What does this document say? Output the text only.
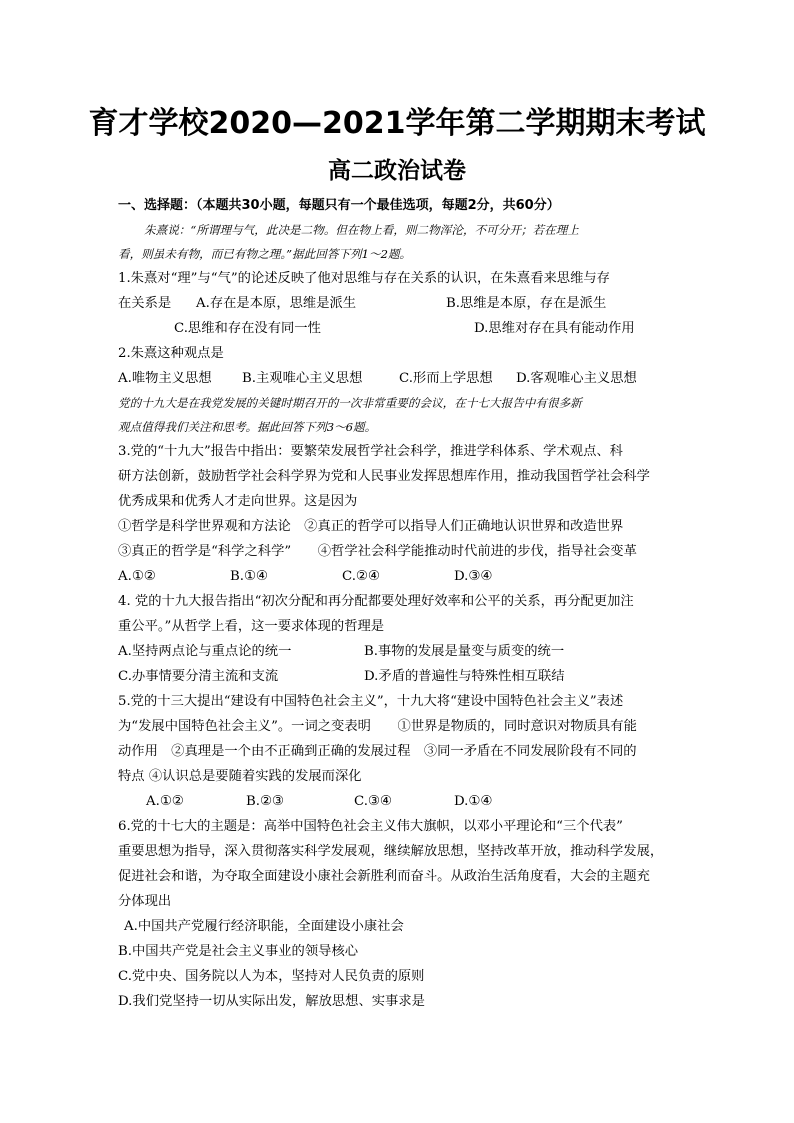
育才学校2020—2021学年第二学期期末考试
高二政治试卷
一、选择题：（本题共30小题，每题只有一个最佳选项，每题2分，共60分）
朱熹说：“所谓理与气，此决是二物。但在物上看，则二物浑沦，不可分开；若在理上
看，则虽未有物，而已有物之理。”据此回答下列1～2题。
1.朱熹对“理”与“气”的论述反映了他对思维与存在关系的认识，在朱熹看来思维与存
在关系是	A.存在是本原，思维是派生	B.思维是本原，存在是派生
C.思维和存在没有同一性	D.思维对存在具有能动作用
2.朱熹这种观点是
A.唯物主义思想	B.主观唯心主义思想	C.形而上学思想	D.客观唯心主义思想
党的十九大是在我党发展的关键时期召开的一次非常重要的会议，在十七大报告中有很多新
观点值得我们关注和思考。据此回答下列3～6题。
3.党的“十九大”报告中指出：要繁荣发展哲学社会科学，推进学科体系、学术观点、科
研方法创新，鼓励哲学社会科学界为党和人民事业发挥思想库作用，推动我国哲学社会科学
优秀成果和优秀人才走向世界。这是因为
①哲学是科学世界观和方法论　②真正的哲学可以指导人们正确地认识世界和改造世界
③真正的哲学是“科学之科学”　　④哲学社会科学能推动时代前进的步伐，指导社会变革
A.①②	B.①④	C.②④	D.③④
4. 党的十九大报告指出“初次分配和再分配都要处理好效率和公平的关系，再分配更加注
重公平。”从哲学上看，这一要求体现的哲理是
A.坚持两点论与重点论的统一	B.事物的发展是量变与质变的统一
C.办事情要分清主流和支流	D.矛盾的普遍性与特殊性相互联结
5.党的十三大提出“建设有中国特色社会主义”，十九大将“建设中国特色社会主义”表述
为“发展中国特色社会主义”。一词之变表明　　①世界是物质的，同时意识对物质具有能
动作用　②真理是一个由不正确到正确的发展过程　③同一矛盾在不同发展阶段有不同的
特点 ④认识总是要随着实践的发展而深化
A.①②	B.②③	C.③④	D.①④
6.党的十七大的主题是：高举中国特色社会主义伟大旗帜，以邓小平理论和“三个代表”
重要思想为指导，深入贯彻落实科学发展观，继续解放思想，坚持改革开放，推动科学发展，
促进社会和谐，为夺取全面建设小康社会新胜利而奋斗。从政治生活角度看，大会的主题充
分体现出
A.中国共产党履行经济职能，全面建设小康社会
B.中国共产党是社会主义事业的领导核心
C.党中央、国务院以人为本，坚持对人民负责的原则
D.我们党坚持一切从实际出发，解放思想、实事求是
